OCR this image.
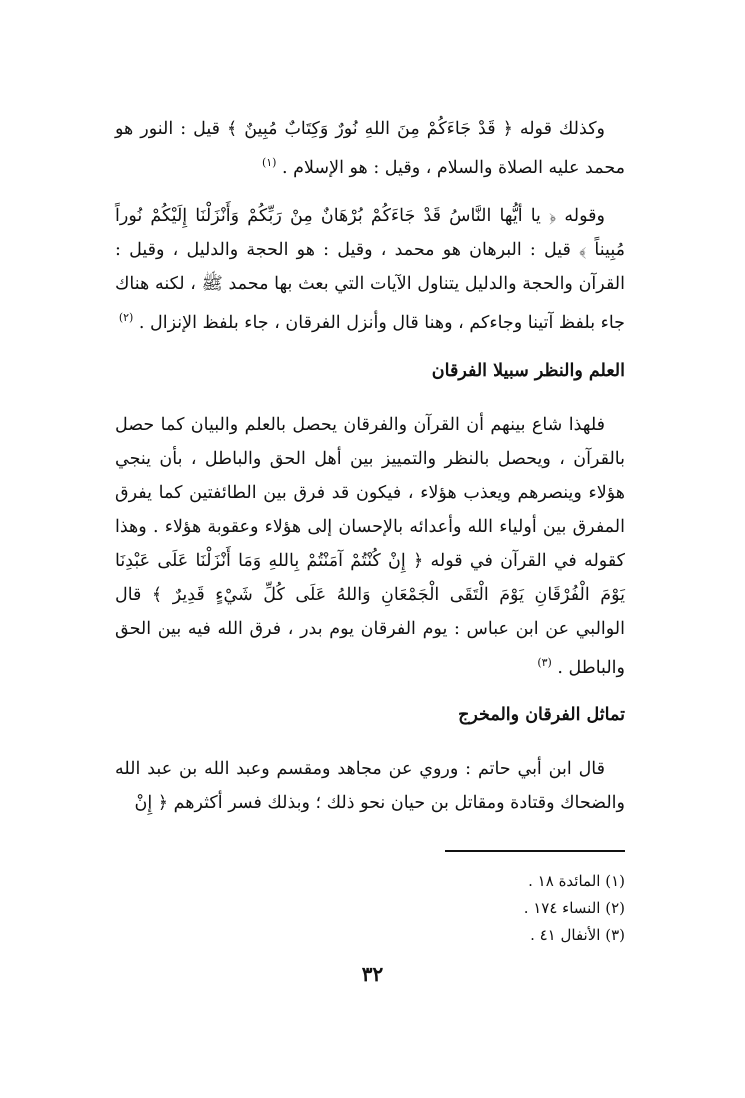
وكذلك قوله ﴿ قَدْ جَاءَكُمْ مِنَ اللهِ نُورٌ وَكِتَابٌ مُبِينٌ ﴾ قيل : النور هو محمد عليه الصلاة والسلام ، وقيل : هو الإسلام . $^{(١)}$

وقوله ﴿ يا أيُّها النَّاسُ قَدْ جَاءَكُمْ بُرْهَانٌ مِنْ رَبِّكُمْ وَأَنْزَلْنَا إِلَيْكُمْ نُوراً مُبِيناً ﴾ قيل : البرهان هو محمد ، وقيل : هو الحجة والدليل ، وقيل : القرآن والحجة والدليل يتناول الآيات التي بعث بها محمد ﷺ ، لكنه هناك جاء بلفظ آتينا وجاءكم ، وهنا قال وأنزل الفرقان ، جاء بلفظ الإنزال . $^{(٢)}$

العلم والنظر سبيلا الفرقان

فلهذا شاع بينهم أن القرآن والفرقان يحصل بالعلم والبيان كما حصل بالقرآن ، ويحصل بالنظر والتمييز بين أهل الحق والباطل ، بأن ينجي هؤلاء وينصرهم ويعذب هؤلاء ، فيكون قد فرق بين الطائفتين كما يفرق المفرق بين أولياء الله وأعدائه بالإحسان إلى هؤلاء وعقوبة هؤلاء . وهذا كقوله في القرآن في قوله ﴿ إِنْ كُنْتُمْ آمَنْتُمْ بِاللهِ وَمَا أَنْزَلْنَا عَلَى عَبْدِنَا يَوْمَ الْفُرْقَانِ يَوْمَ الْتَقَى الْجَمْعَانِ وَاللهُ عَلَى كُلِّ شَيْءٍ قَدِيرٌ ﴾ قال الوالبي عن ابن عباس : يوم الفرقان يوم بدر ، فرق الله فيه بين الحق والباطل . $^{(٣)}$

تماثل الفرقان والمخرج

قال ابن أبي حاتم : وروي عن مجاهد ومقسم وعبد الله بن عبد الله والضحاك وقتادة ومقاتل بن حيان نحو ذلك ؛ وبذلك فسر أكثرهم ﴿ إِنْ

(١) المائدة ١٨ .
(٢) النساء ١٧٤ .
(٣) الأنفال ٤١ .
٣٢
